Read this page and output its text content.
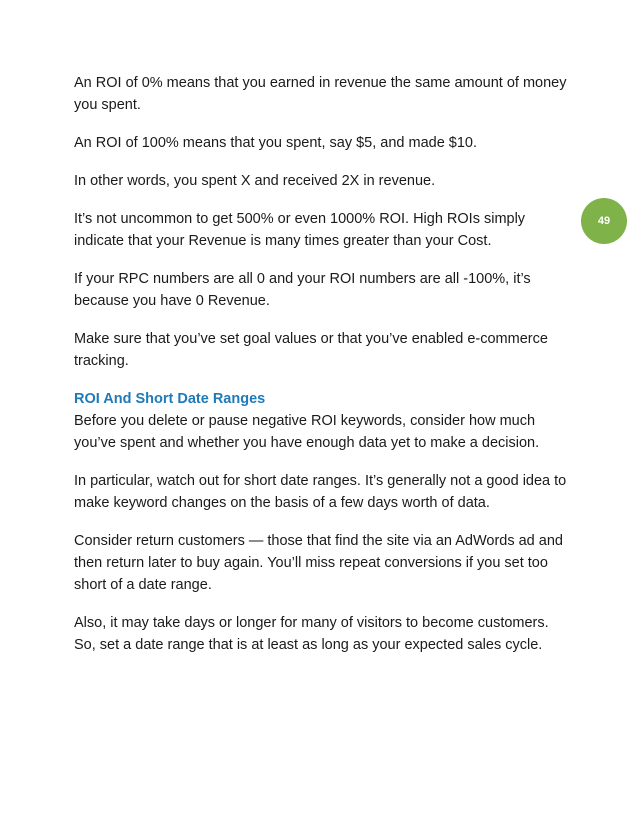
An ROI of 0% means that you earned in revenue the same amount of money you spent.

An ROI of 100% means that you spent, say $5, and made $10.

In other words, you spent X and received 2X in revenue.

It’s not uncommon to get 500% or even 1000% ROI. High ROIs simply indicate that your Revenue is many times greater than your Cost.

If your RPC numbers are all 0 and your ROI numbers are all -100%, it’s because you have 0 Revenue.

Make sure that you’ve set goal values or that you’ve enabled e-commerce tracking.

ROI And Short Date Ranges

Before you delete or pause negative ROI keywords, consider how much you’ve spent and whether you have enough data yet to make a decision.

In particular, watch out for short date ranges. It’s generally not a good idea to make keyword changes on the basis of a few days worth of data.

Consider return customers — those that find the site via an AdWords ad and then return later to buy again. You’ll miss repeat conversions if you set too short of a date range.

Also, it may take days or longer for many of visitors to become customers. So, set a date range that is at least as long as your expected sales cycle.

49
